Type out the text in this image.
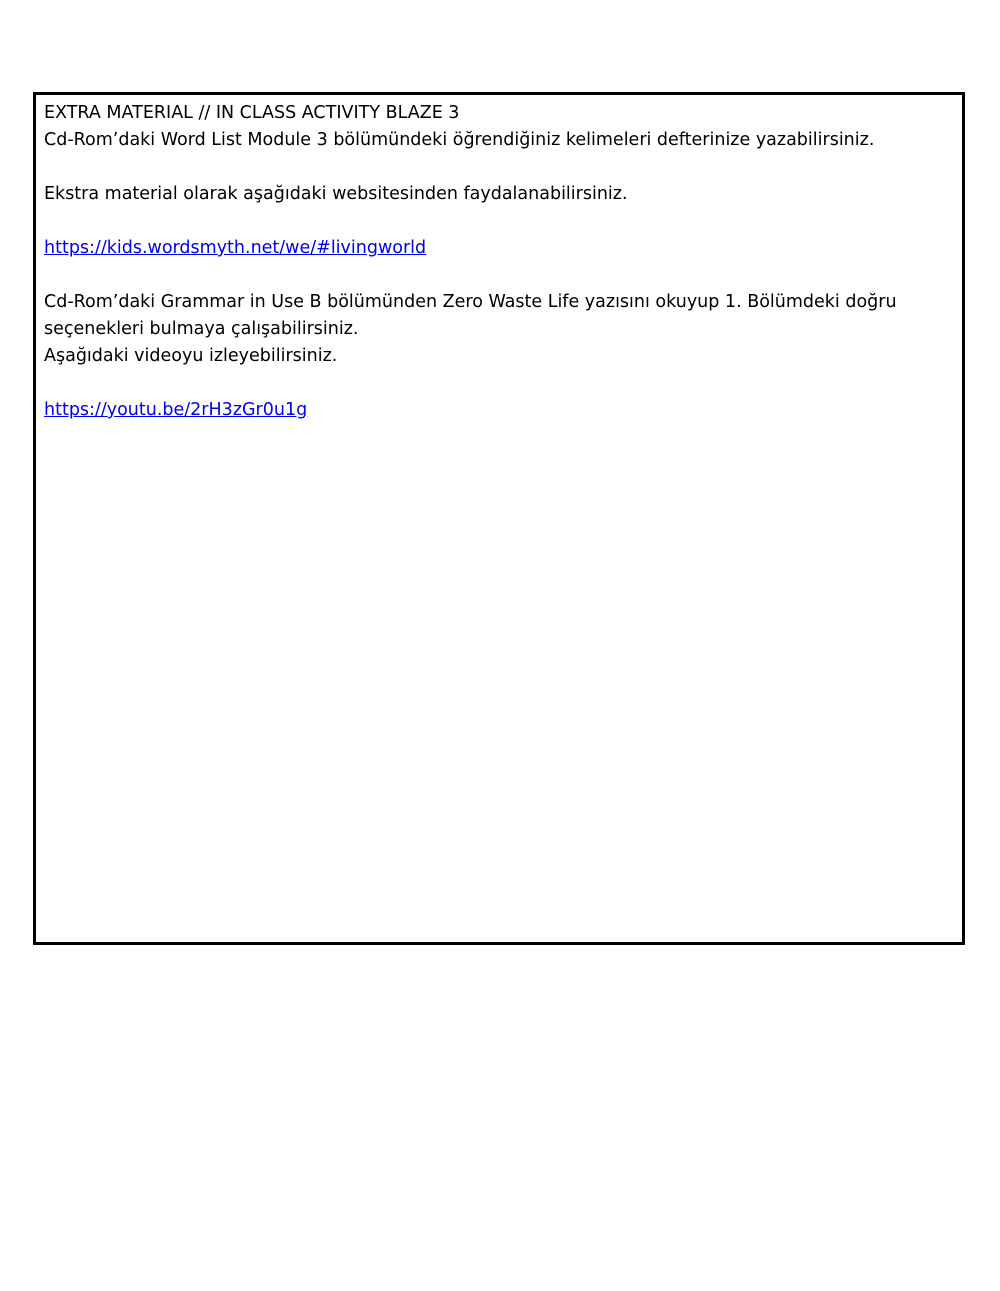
EXTRA MATERIAL // IN CLASS ACTIVITY BLAZE 3

Cd-Rom’daki Word List Module 3 bölümündeki öğrendiğiniz kelimeleri defterinize yazabilirsiniz.

Ekstra material olarak aşağıdaki websitesinden faydalanabilirsiniz.

https://kids.wordsmyth.net/we/#livingworld

Cd-Rom’daki Grammar in Use B bölümünden Zero Waste Life yazısını okuyup 1. Bölümdeki doğru

seçenekleri bulmaya çalışabilirsiniz.

Aşağıdaki videoyu izleyebilirsiniz.

https://youtu.be/2rH3zGr0u1g
